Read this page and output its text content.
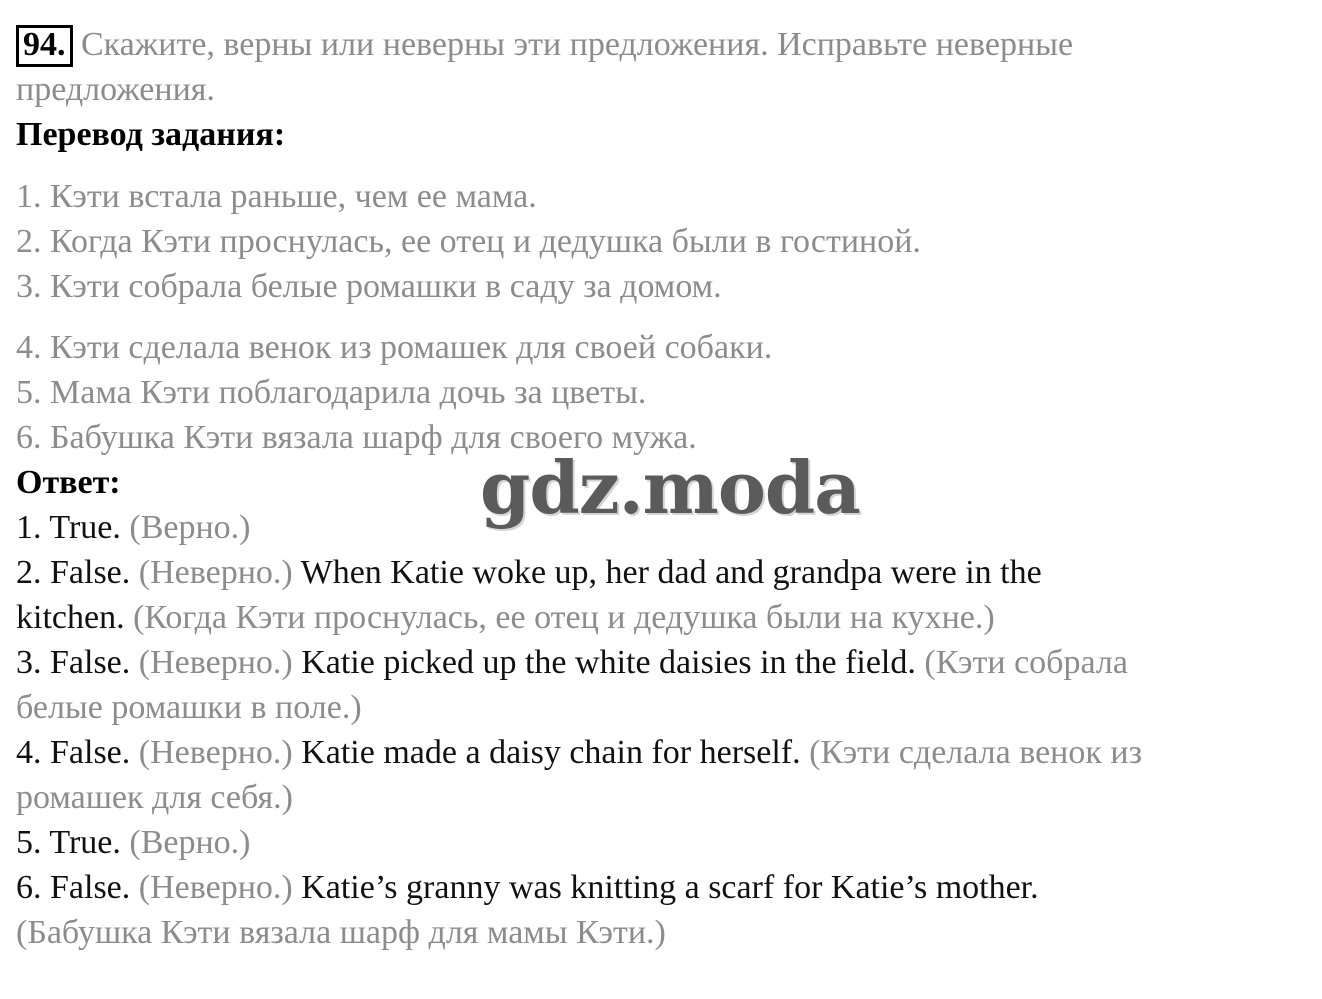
94. Скажите, верны или неверны эти предложения. Исправьте неверные
предложения.
Перевод задания:
1. Кэти встала раньше, чем ее мама.
2. Когда Кэти проснулась, ее отец и дедушка были в гостиной.
3. Кэти собрала белые ромашки в саду за домом.
4. Кэти сделала венок из ромашек для своей собаки.
5. Мама Кэти поблагодарила дочь за цветы.
6. Бабушка Кэти вязала шарф для своего мужа.
Ответ:
1. True. (Верно.)
2. False. (Неверно.) When Katie woke up, her dad and grandpa were in the
kitchen. (Когда Кэти проснулась, ее отец и дедушка были на кухне.)
3. False. (Неверно.) Katie picked up the white daisies in the field. (Кэти собрала
белые ромашки в поле.)
4. False. (Неверно.) Katie made a daisy chain for herself. (Кэти сделала венок из
ромашек для себя.)
5. True. (Верно.)
6. False. (Неверно.) Katie’s granny was knitting a scarf for Katie’s mother.
(Бабушка Кэти вязала шарф для мамы Кэти.)
gdz.moda
